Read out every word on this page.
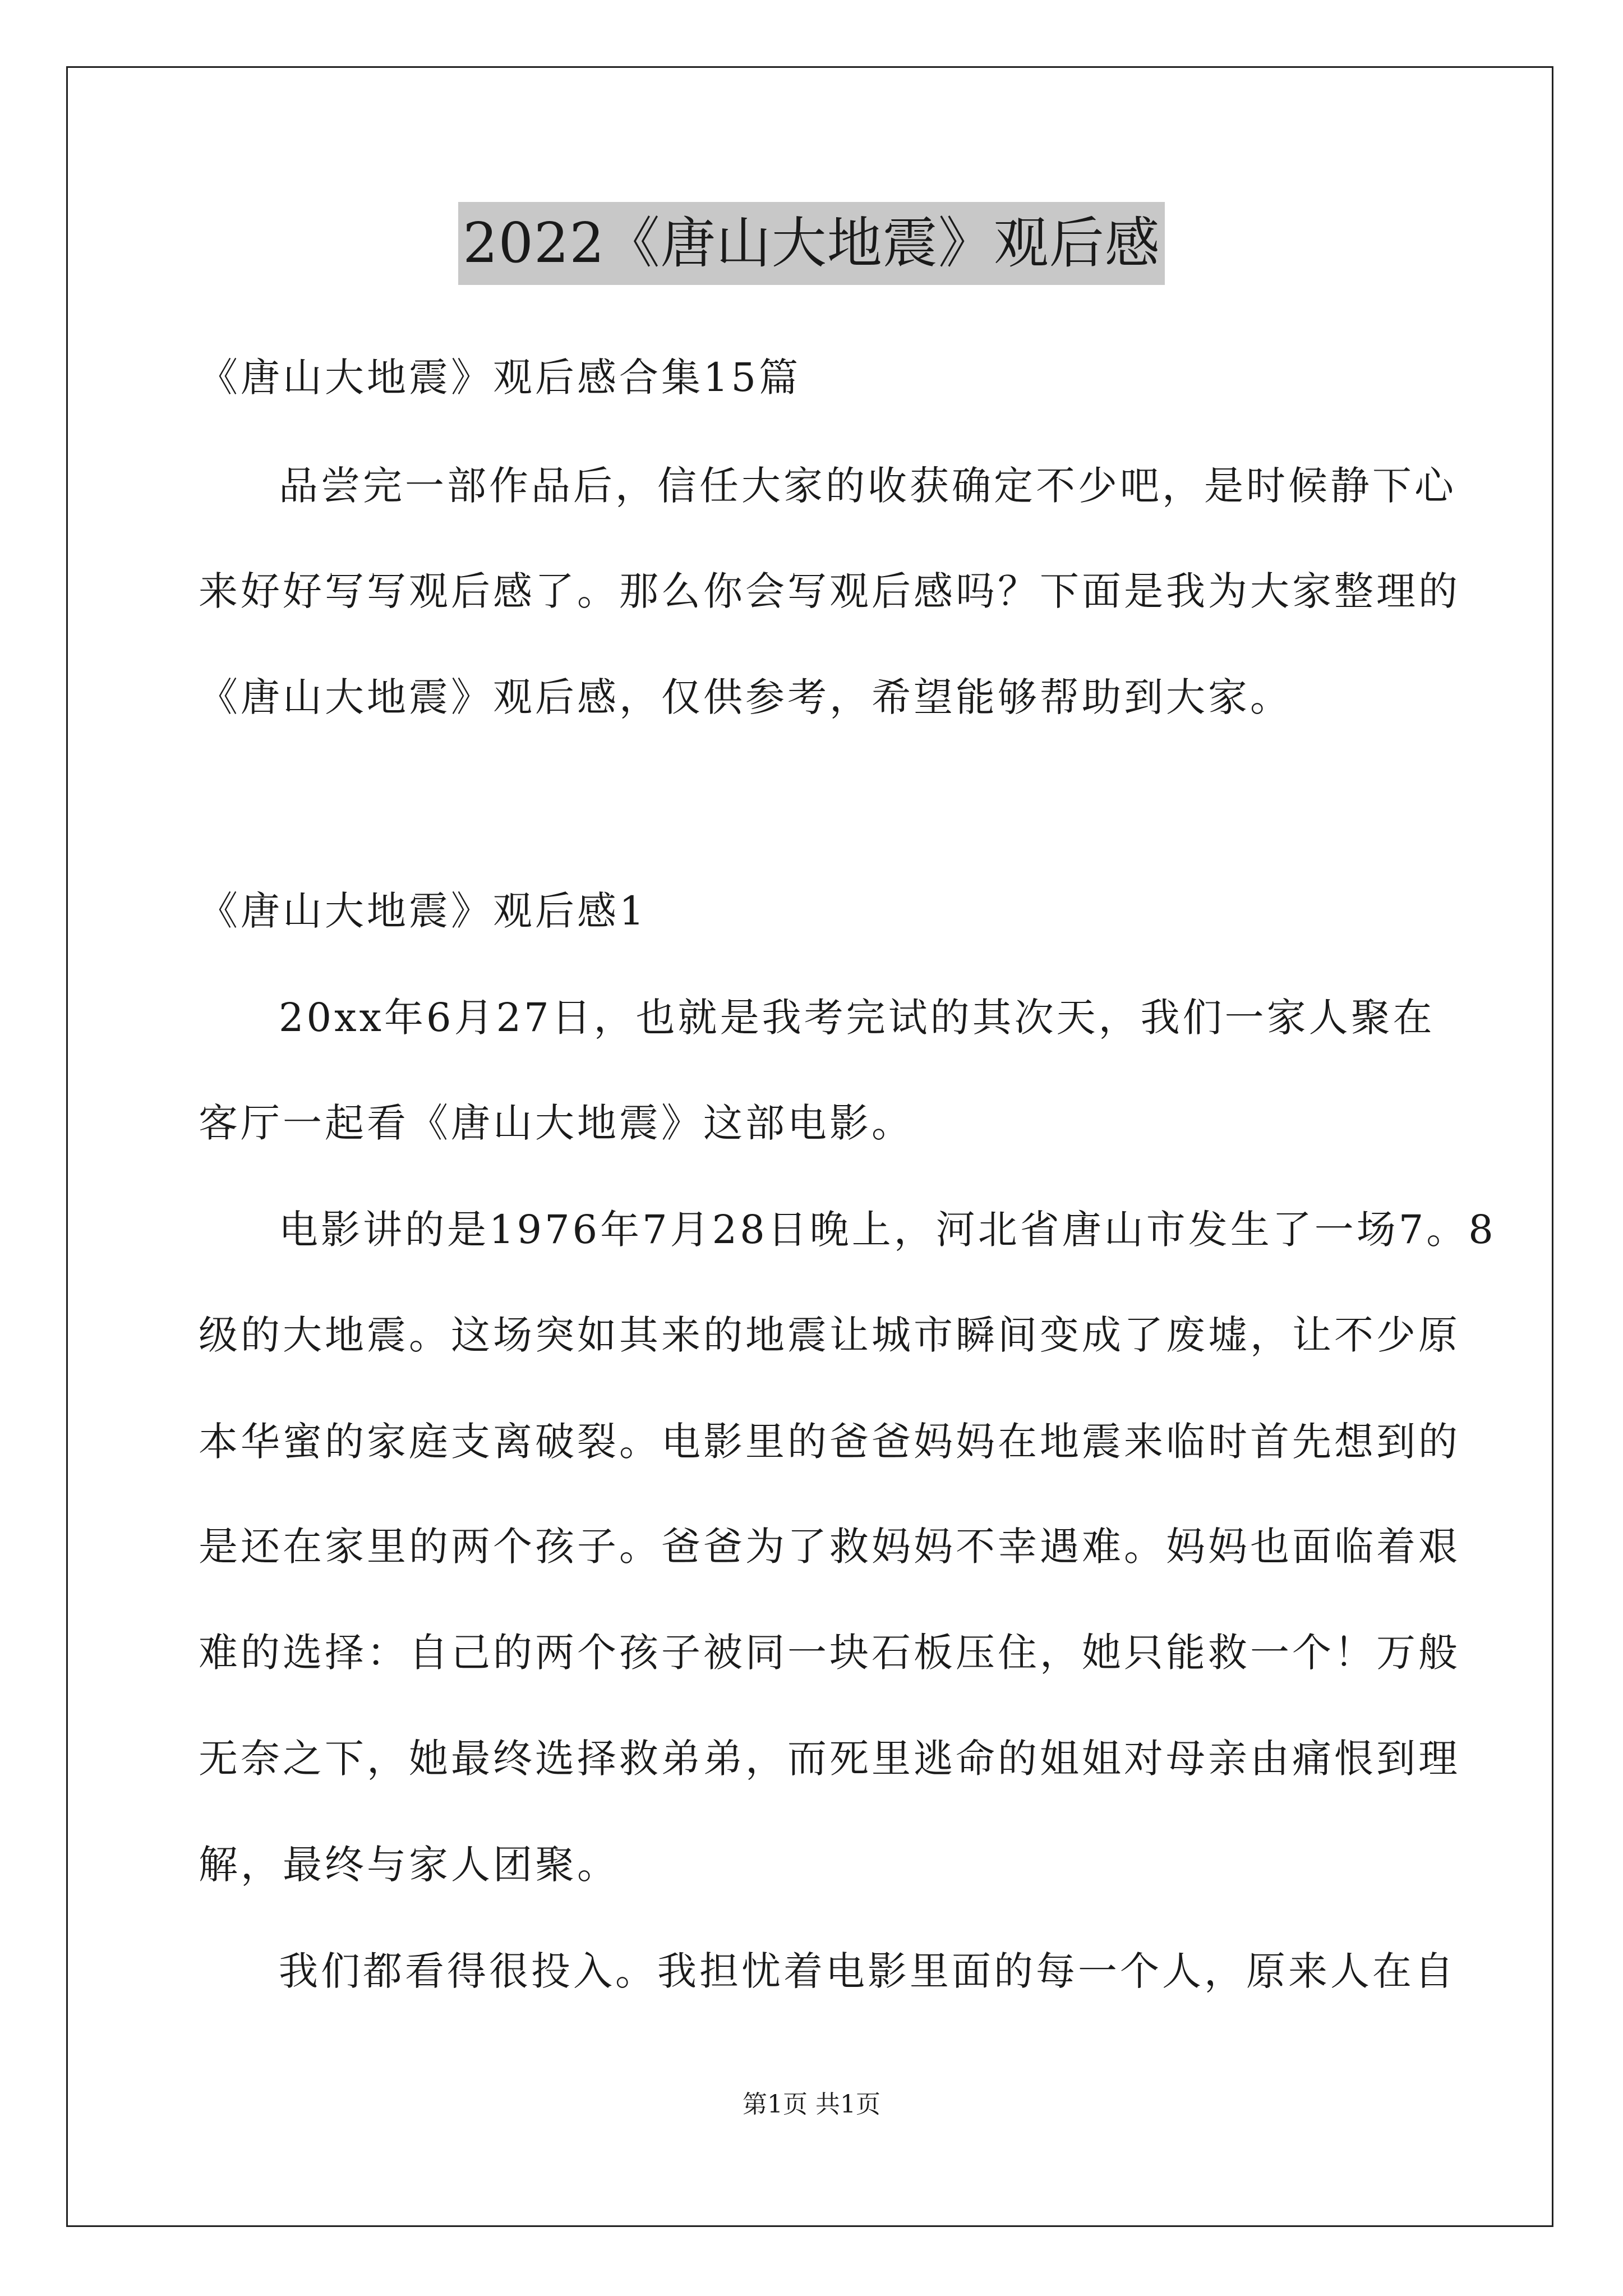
2022《唐山大地震》观后感
《唐山大地震》观后感合集15篇
品尝完一部作品后，信任大家的收获确定不少吧，是时候静下心
来好好写写观后感了。那么你会写观后感吗？下面是我为大家整理的
《唐山大地震》观后感，仅供参考，希望能够帮助到大家。
《唐山大地震》观后感1
20xx年6月27日，也就是我考完试的其次天，我们一家人聚在
客厅一起看《唐山大地震》这部电影。
电影讲的是1976年7月28日晚上，河北省唐山市发生了一场7。8
级的大地震。这场突如其来的地震让城市瞬间变成了废墟，让不少原
本华蜜的家庭支离破裂。电影里的爸爸妈妈在地震来临时首先想到的
是还在家里的两个孩子。爸爸为了救妈妈不幸遇难。妈妈也面临着艰
难的选择：自己的两个孩子被同一块石板压住，她只能救一个！万般
无奈之下，她最终选择救弟弟，而死里逃命的姐姐对母亲由痛恨到理
解，最终与家人团聚。
我们都看得很投入。我担忧着电影里面的每一个人，原来人在自
第1页 共1页
